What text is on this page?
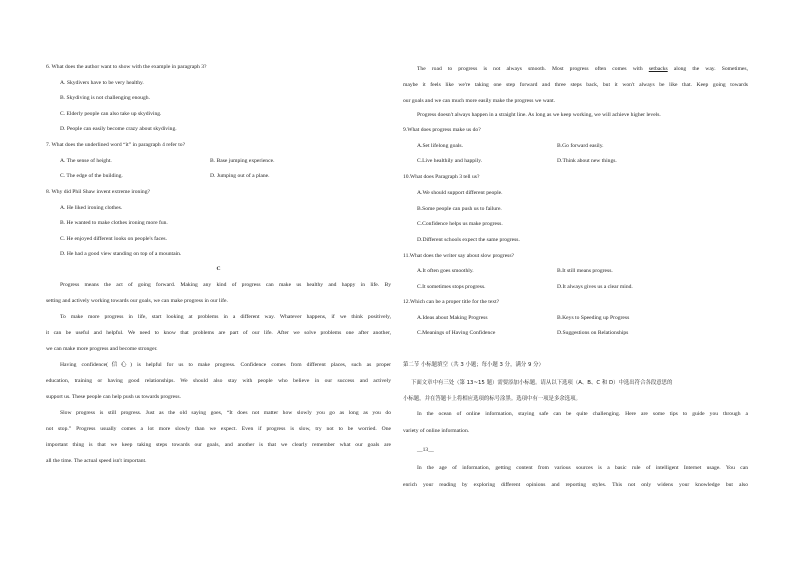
6. What does the author want to show with the example in paragraph 3?
A. Skydivers have to be very healthy.
B. Skydiving is not challenging enough.
C. Elderly people can also take up skydiving.
D. People can easily become crazy about skydiving.
7. What does the underlined word “it” in paragraph 4 refer to?
A. The sense of height.	B. Base jumping experience.
C. The edge of the building.	D. Jumping out of a plane.
8. Why did Phil Shaw invent extreme ironing?
A. He liked ironing clothes.
B. He wanted to make clothes ironing more fun.
C. He enjoyed different looks on people's faces.
D. He had a good view standing on top of a mountain.
C
Progress means the act of going forward. Making any kind of progress can make us healthy and happy in life. By
setting and actively working towards our goals, we can make progress in our life.
To make more progress in life, start looking at problems in a different way. Whatever happens, if we think positively,
it can be useful and helpful. We need to know that problems are part of our life. After we solve problems one after another,
we can make more progress and become stronger.
Having confidence(信心) is helpful for us to make progress. Confidence comes from different places, such as proper
education, training or having good relationships. We should also stay with people who believe in our success and actively
support us. These people can help push us towards progress.
Slow progress is still progress. Just as the old saying goes, “It does not matter how slowly you go as long as you do
not stop.” Progress usually comes a lot more slowly than we expect. Even if progress is slow, try not to be worried. One
important thing is that we keep taking steps towards our goals, and another is that we clearly remember what our goals are
all the time. The actual speed isn't important.
The road to progress is not always smooth. Most progress often comes with setbacks along the way. Sometimes,
maybe it feels like we're taking one step forward and three steps back, but it won't always be like that. Keep going towards
our goals and we can much more easily make the progress we want.
Progress doesn't always happen in a straight line. As long as we keep working, we will achieve higher levels.
9.What does progress make us do?
A.Set lifelong goals.	B.Go forward easily.
C.Live healthily and happily.	D.Think about new things.
10.What does Paragraph 3 tell us?
A.We should support different people.
B.Some people can push us to failure.
C.Confidence helps us make progress.
D.Different schools expect the same progress.
11.What does the writer say about slow progress?
A.It often goes smoothly.	B.It still means progress.
C.It sometimes stops progress.	D.It always gives us a clear mind.
12.Which can be a proper title for the text?
A.Ideas about Making Progress	B.Keys to Speeding up Progress
C.Meanings of Having Confidence	D.Suggestions on Relationships
第二节 小标题填空（共 3 小题；每小题 3 分，满分 9 分）
下面文章中有三处（第 13~15 题）需要添加小标题。请从以下选项（A、B、C 和 D）中选出符合各段意思的
小标题，并在答题卡上将相应选项的标号涂黑。选项中有一项是多余选项。
In the ocean of online information, staying safe can be quite challenging. Here are some tips to guide you through a
variety of online information.
__13__
In the age of information, getting content from various sources is a basic rule of intelligent Internet usage. You can
enrich your reading by exploring different opinions and reporting styles. This not only widens your knowledge but also
